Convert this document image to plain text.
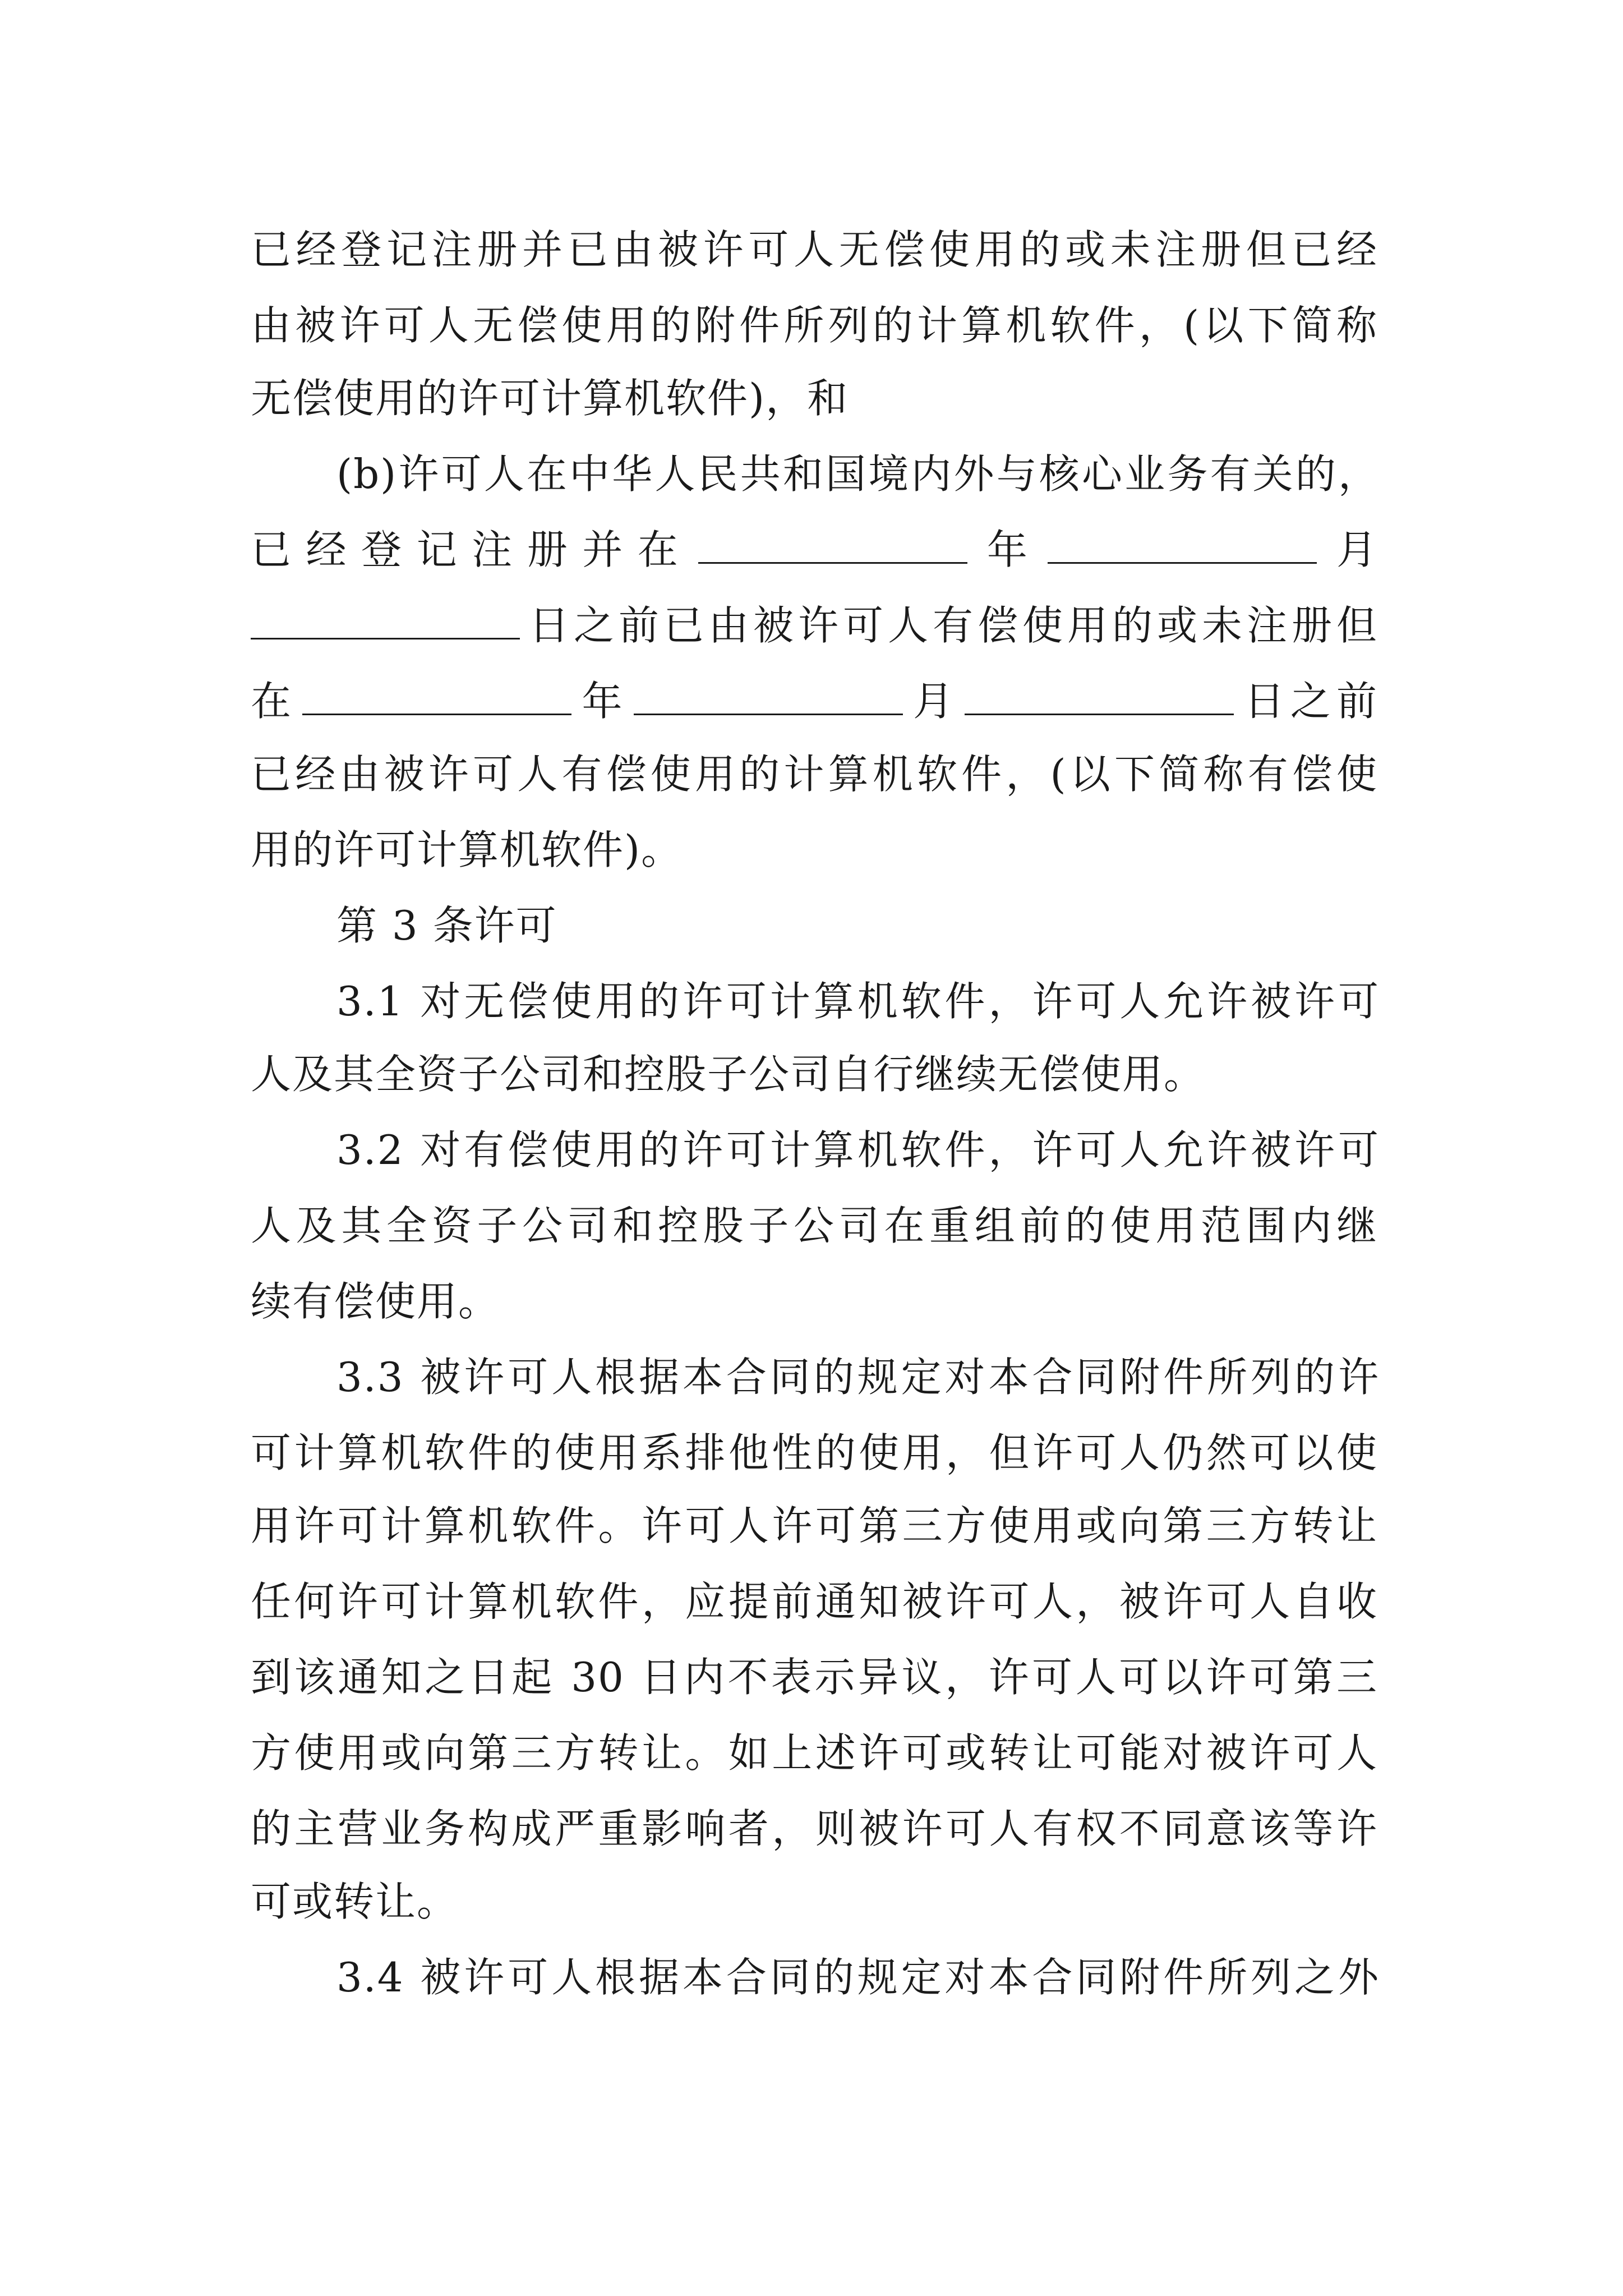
已经登记注册并已由被许可人无偿使用的或未注册但已经
由被许可人无偿使用的附件所列的计算机软件，(以下简称
无偿使用的许可计算机软件)，和
(b)许可人在中华人民共和国境内外与核心业务有关的，
已经登记注册并在	年	月
日之前已由被许可人有偿使用的或未注册但
在	年	月	日之前
已经由被许可人有偿使用的计算机软件，(以下简称有偿使
用的许可计算机软件)。
第 3 条许可
3.1 对无偿使用的许可计算机软件，许可人允许被许可
人及其全资子公司和控股子公司自行继续无偿使用。
3.2 对有偿使用的许可计算机软件，许可人允许被许可
人及其全资子公司和控股子公司在重组前的使用范围内继
续有偿使用。
3.3 被许可人根据本合同的规定对本合同附件所列的许
可计算机软件的使用系排他性的使用，但许可人仍然可以使
用许可计算机软件。许可人许可第三方使用或向第三方转让
任何许可计算机软件，应提前通知被许可人，被许可人自收
到该通知之日起 30 日内不表示异议，许可人可以许可第三
方使用或向第三方转让。如上述许可或转让可能对被许可人
的主营业务构成严重影响者，则被许可人有权不同意该等许
可或转让。
3.4 被许可人根据本合同的规定对本合同附件所列之外
